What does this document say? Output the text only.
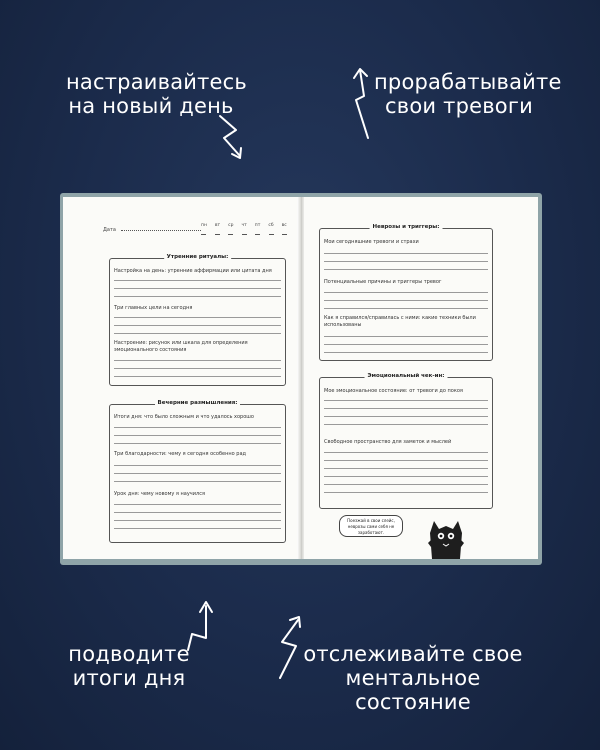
настраивайтесь на новый день
прорабатывайте свои тревоги
подводите итоги дня
отслеживайте свое ментальное состояние
Дата
пн вт ср чт пт сб вс
Утренние ритуалы:
Настройка на день: утренние аффирмации или цитата дня
Три главных цели на сегодня
Настроение: рисунок или шкала для определения эмоционального состояния
Вечерние размышления:
Итоги дня: что было сложным и что удалось хорошо
Три благодарности: чему я сегодня особенно рад
Урок дня: чему новому я научился
Неврозы и триггеры:
Мои сегодняшние тревоги и страхи
Потенциальные причины и триггеры тревог
Как я справился/справилась с ними: какие техники были использованы
Эмоциональный чек-ин:
Мое эмоциональное состояние: от тревоги до покоя
Свободное пространство для заметок и мыслей
Поезжай в свои слейс, неврозы сами себя не заработают.
